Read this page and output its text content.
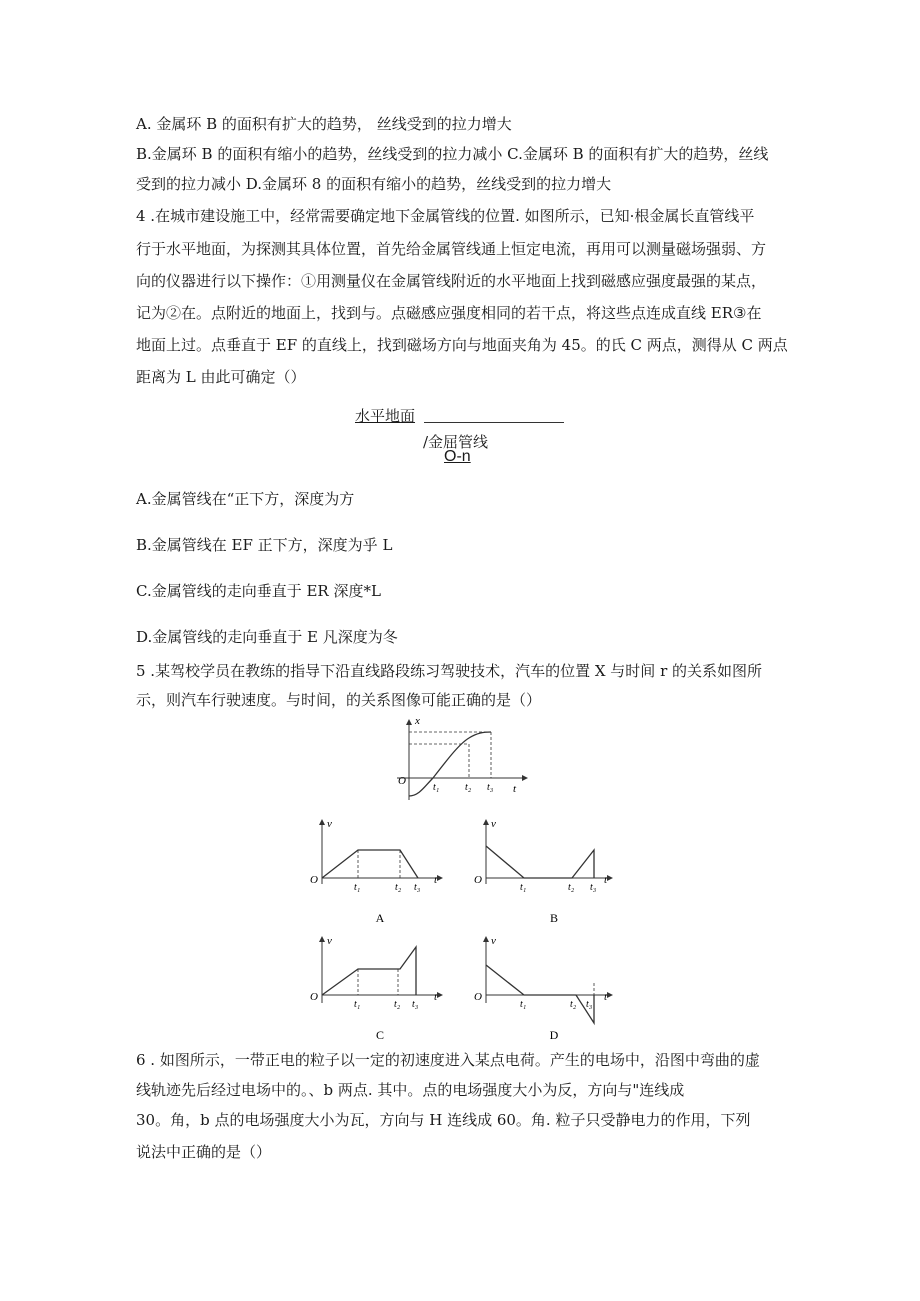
A. 金属环 B 的面积有扩大的趋势， 丝线受到的拉力增大
B.金属环 B 的面积有缩小的趋势，丝线受到的拉力减小 C.金属环 B 的面积有扩大的趋势，丝线
受到的拉力减小 D.金属环 8 的面积有缩小的趋势，丝线受到的拉力增大
4 .在城市建设施工中，经常需要确定地下金属管线的位置. 如图所示，已知·根金属长直管线平
行于水平地面，为探测其具体位置，首先给金属管线通上恒定电流，再用可以测量磁场强弱、方
向的仪器进行以下操作：①用测量仪在金属管线附近的水平地面上找到磁感应强度最强的某点，
记为②在。点附近的地面上，找到与。点磁感应强度相同的若干点，将这些点连成直线 ER③在
地面上过。点垂直于 EF 的直线上，找到磁场方向与地面夹角为 45。的氏 C 两点，测得从 C 两点
距离为 L 由此可确定（）
水平地面
/金屈管线
O-n
A.金属管线在“正下方，深度为方
B.金属管线在 EF 正下方，深度为乎 L
C.金属管线的走向垂直于 ER 深度*L
D.金属管线的走向垂直于 E 凡深度为冬
5 .某驾校学员在教练的指导下沿直线路段练习驾驶技术，汽车的位置 X 与时间 r 的关系如图所
示，则汽车行驶速度。与时间，的关系图像可能正确的是（）
x
t
O
t₁	t₂ t₃
v
t
O
t₁	t₂ t₃
A
v
t
O
t₁	t₂ t₃
B
v
t
O
t₁	t₂ t₃
C
v
t
O
t₁	t₂ t₃
D
6 . 如图所示，一带正电的粒子以一定的初速度进入某点电荷。产生的电场中，沿图中弯曲的虚
线轨迹先后经过电场中的。、b 两点. 其中。点的电场强度大小为反，方向与"连线成
30。角，b 点的电场强度大小为瓦，方向与 H 连线成 60。角. 粒子只受静电力的作用，下列
说法中正确的是（）
